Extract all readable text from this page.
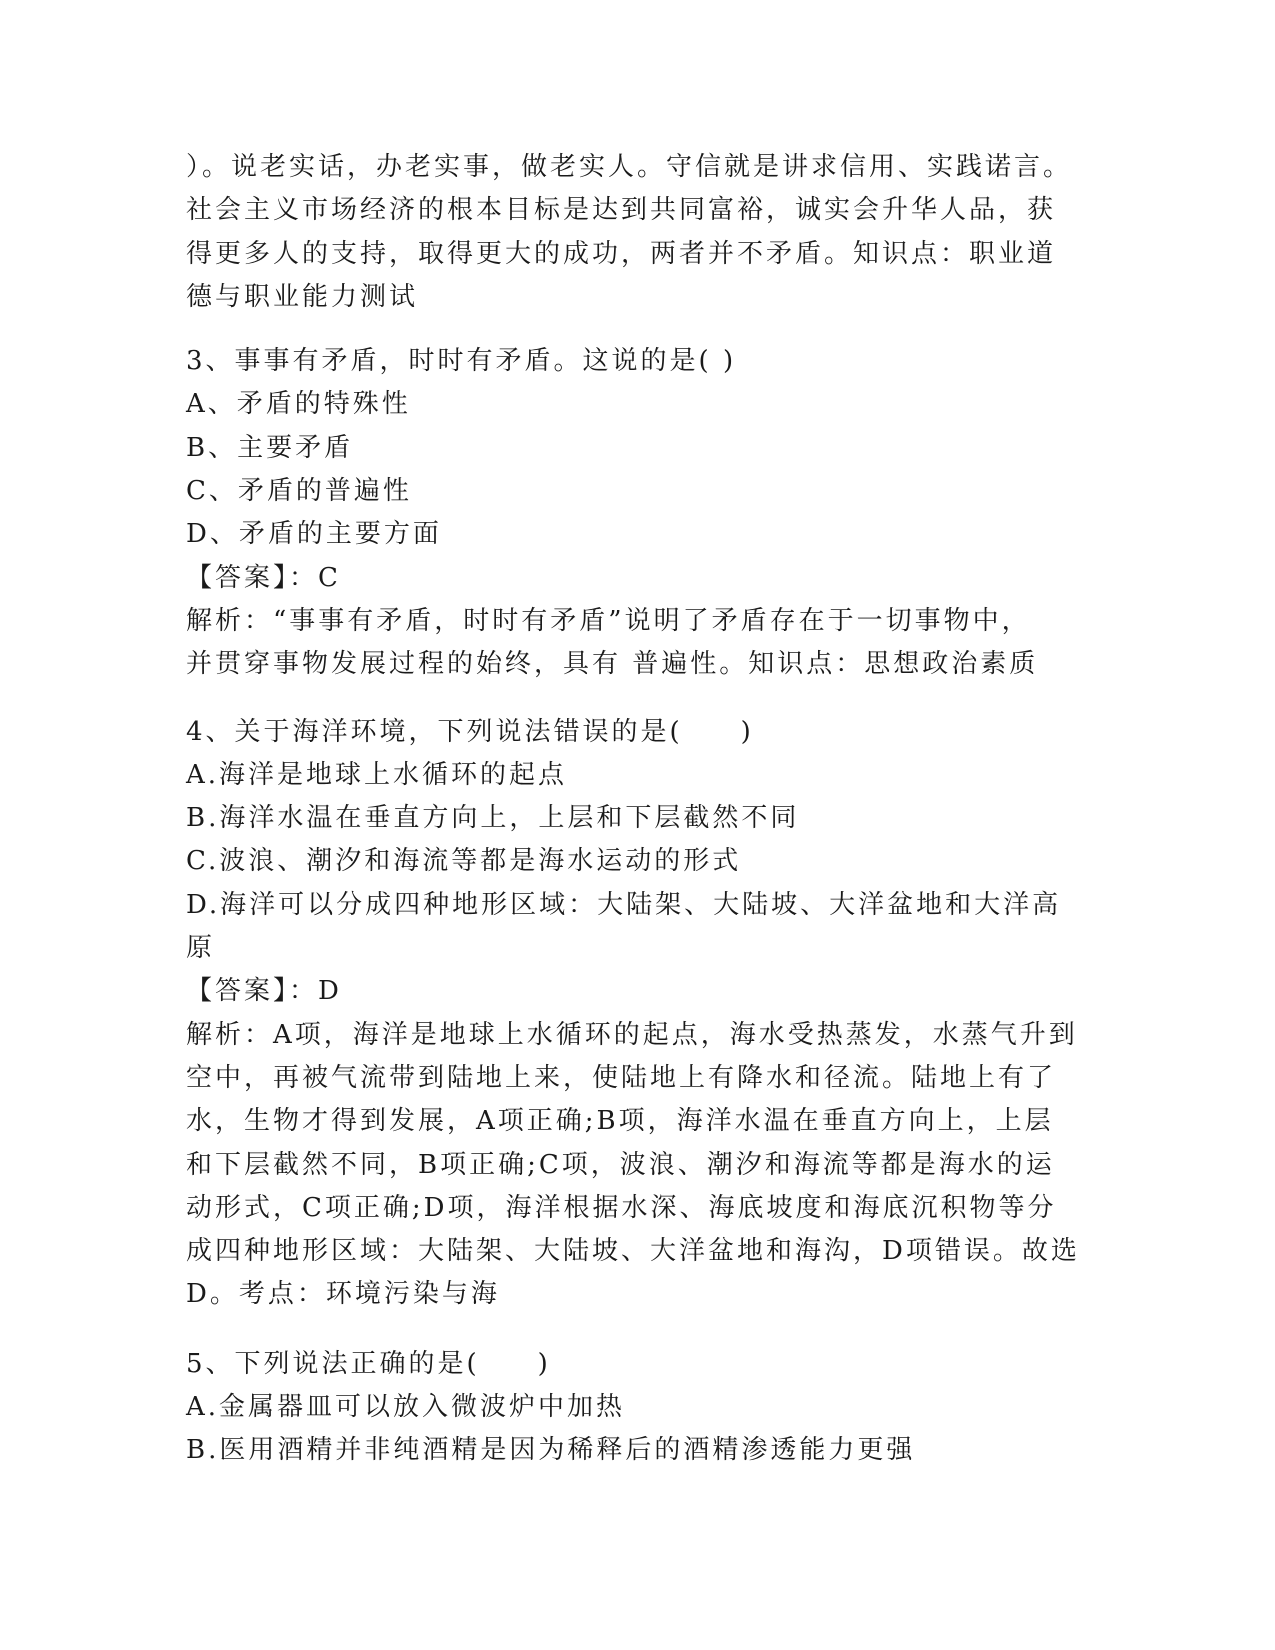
）。说老实话，办老实事，做老实人。守信就是讲求信用、实践诺言。
社会主义市场经济的根本目标是达到共同富裕，诚实会升华人品，获
得更多人的支持，取得更大的成功，两者并不矛盾。知识点：职业道
德与职业能力测试
3、事事有矛盾，时时有矛盾。这说的是( )
A、矛盾的特殊性
B、主要矛盾
C、矛盾的普遍性
D、矛盾的主要方面
【答案】：C
解析：“事事有矛盾，时时有矛盾”说明了矛盾存在于一切事物中，
并贯穿事物发展过程的始终，具有 普遍性。知识点：思想政治素质
4、关于海洋环境，下列说法错误的是(　　)
A.海洋是地球上水循环的起点
B.海洋水温在垂直方向上，上层和下层截然不同
C.波浪、潮汐和海流等都是海水运动的形式
D.海洋可以分成四种地形区域：大陆架、大陆坡、大洋盆地和大洋高
原
【答案】：D
解析：A项，海洋是地球上水循环的起点，海水受热蒸发，水蒸气升到
空中，再被气流带到陆地上来，使陆地上有降水和径流。陆地上有了
水，生物才得到发展，A项正确;B项，海洋水温在垂直方向上，上层
和下层截然不同，B项正确;C项，波浪、潮汐和海流等都是海水的运
动形式，C项正确;D项，海洋根据水深、海底坡度和海底沉积物等分
成四种地形区域：大陆架、大陆坡、大洋盆地和海沟，D项错误。故选
D。考点：环境污染与海
5、下列说法正确的是(　　)
A.金属器皿可以放入微波炉中加热
B.医用酒精并非纯酒精是因为稀释后的酒精渗透能力更强
